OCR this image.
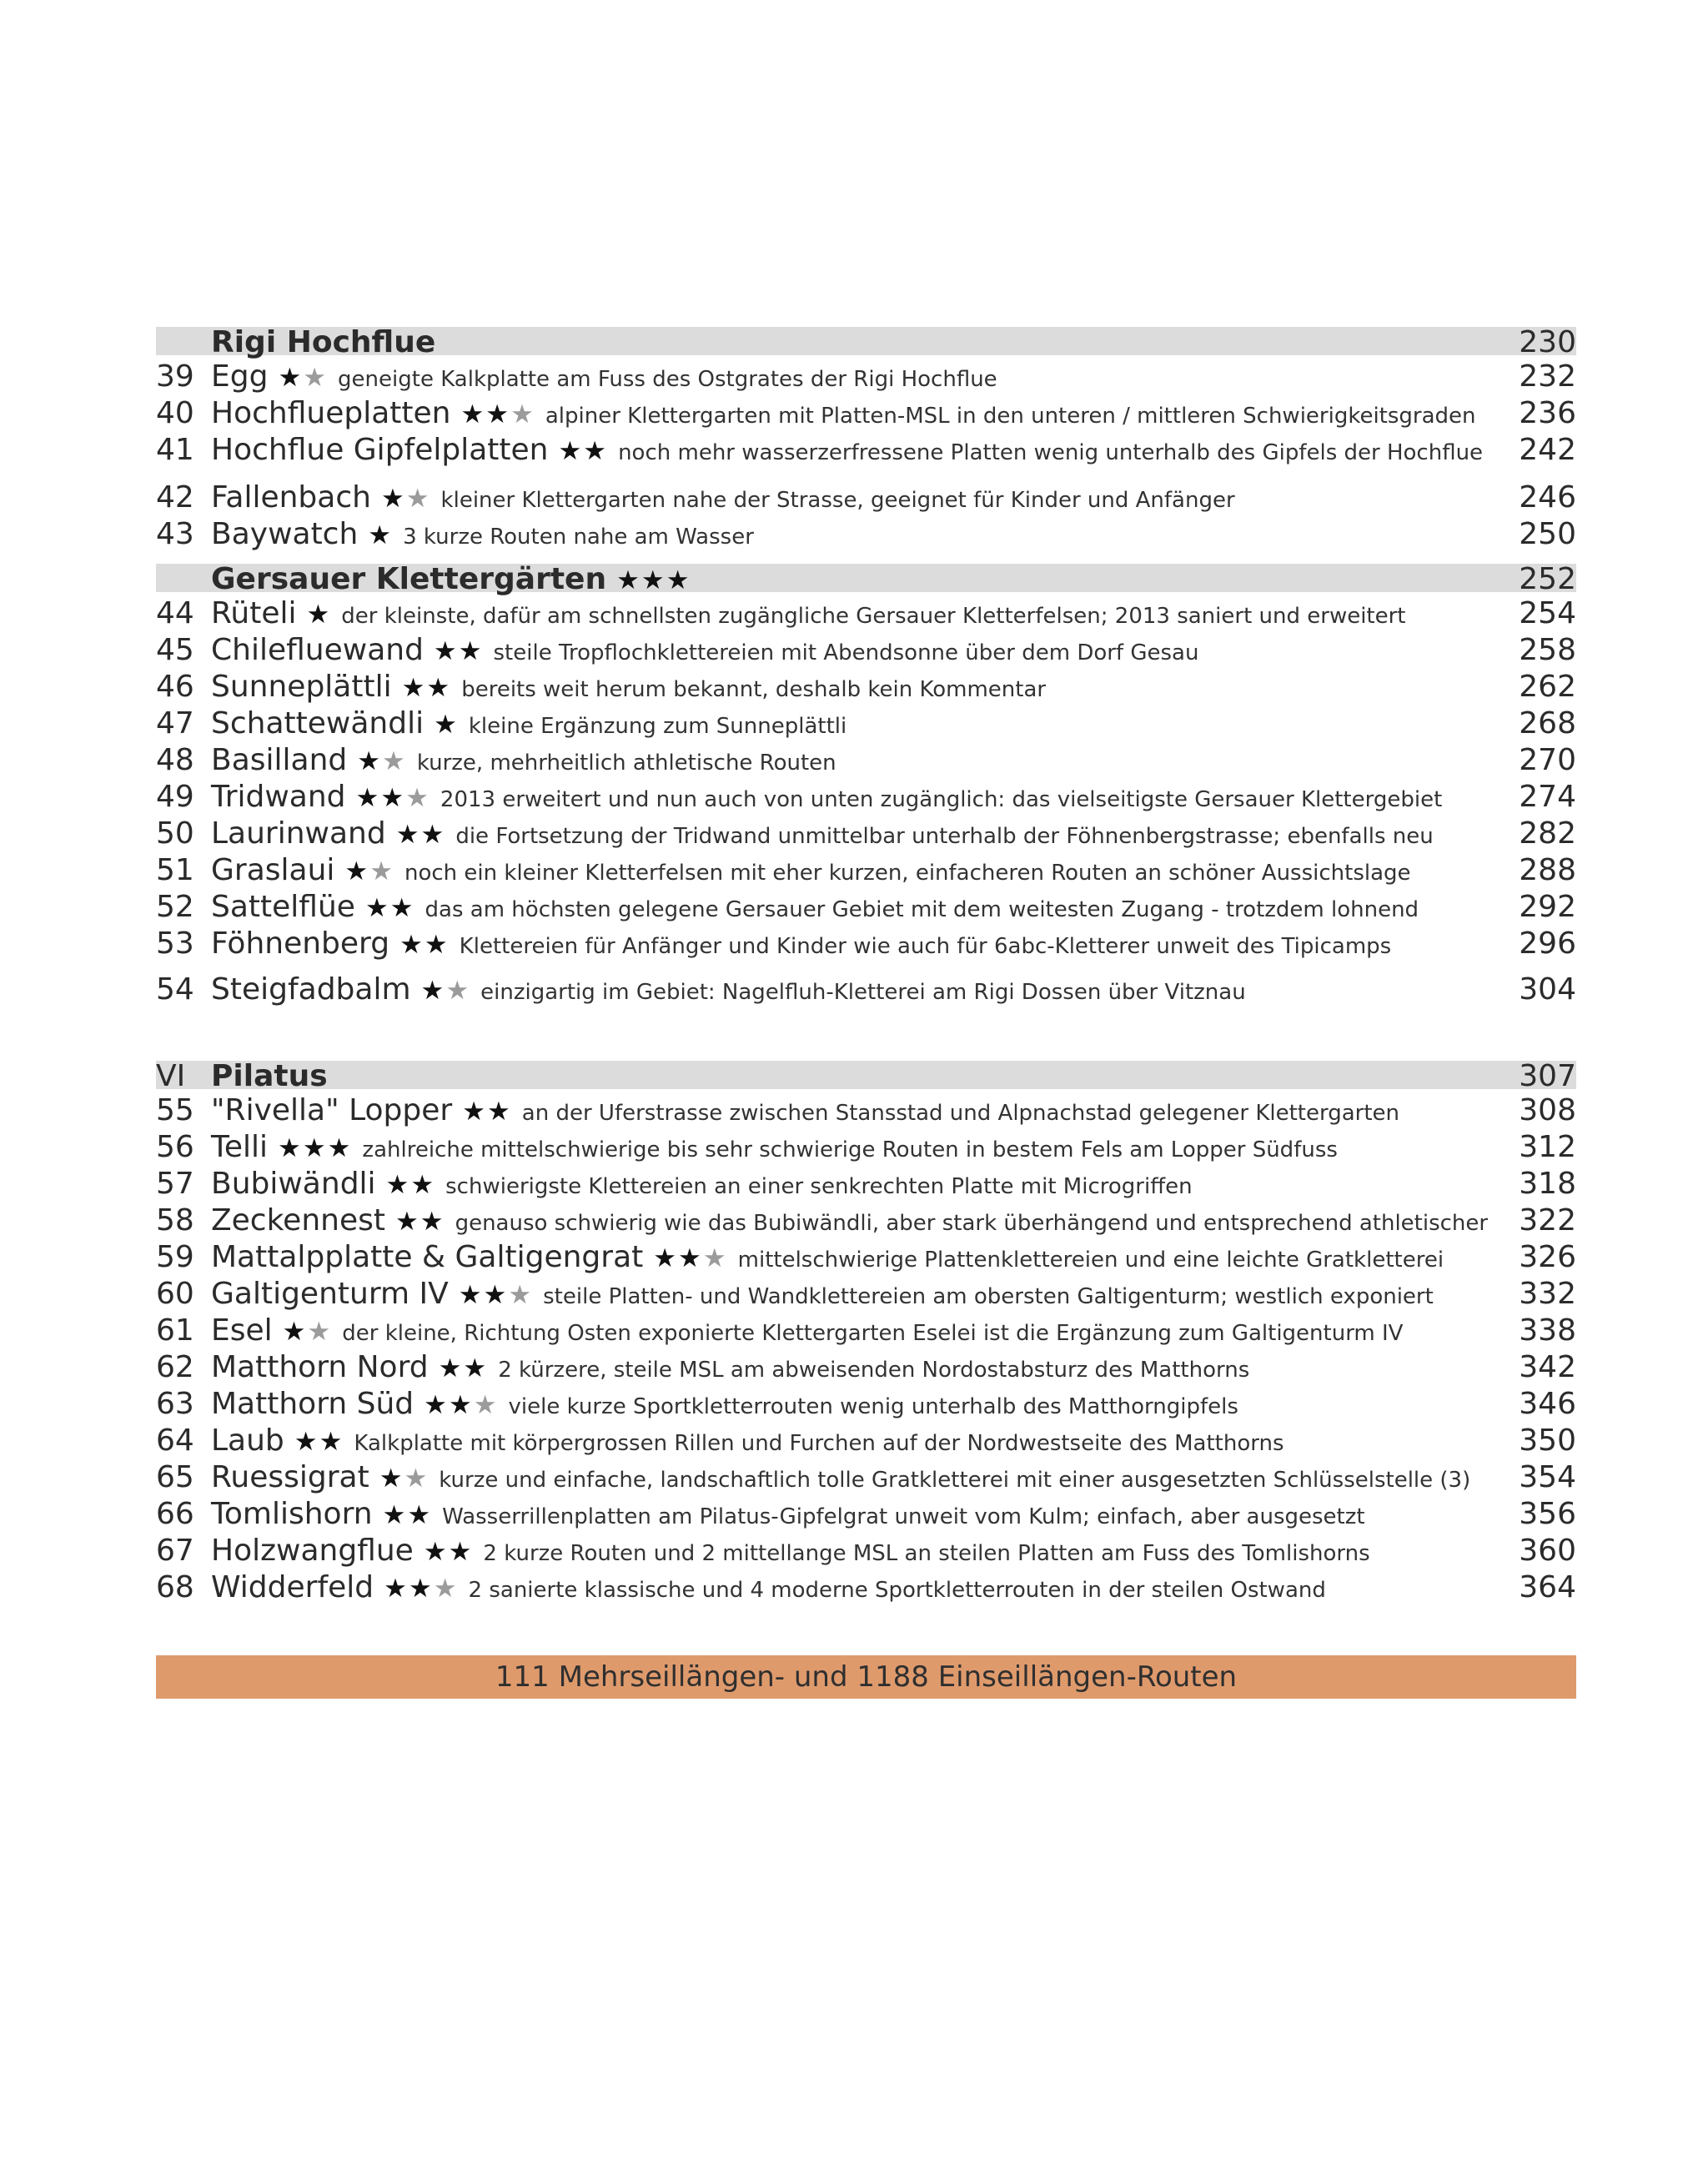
Rigi Hochflue	230
39 Egg ★★ geneigte Kalkplatte am Fuss des Ostgrates der Rigi Hochflue	232
40 Hochflueplatten ★★★ alpiner Klettergarten mit Platten-MSL in den unteren / mittleren Schwierigkeitsgraden 236
41 Hochflue Gipfelplatten ★★ noch mehr wasserzerfressene Platten wenig unterhalb des Gipfels der Hochflue 242
42 Fallenbach ★★ kleiner Klettergarten nahe der Strasse, geeignet für Kinder und Anfänger	246
43 Baywatch ★ 3 kurze Routen nahe am Wasser	250
Gersauer Klettergärten ★★★	252
44 Rüteli ★ der kleinste, dafür am schnellsten zugängliche Gersauer Kletterfelsen; 2013 saniert und erweitert	254
45 Chilefluewand ★★ steile Tropflochklettereien mit Abendsonne über dem Dorf Gesau	258
46 Sunneplättli ★★ bereits weit herum bekannt, deshalb kein Kommentar	262
47 Schattewändli ★ kleine Ergänzung zum Sunneplättli	268
48 Basilland ★★ kurze, mehrheitlich athletische Routen	270
49 Tridwand ★★★ 2013 erweitert und nun auch von unten zugänglich: das vielseitigste Gersauer Klettergebiet	274
50 Laurinwand ★★ die Fortsetzung der Tridwand unmittelbar unterhalb der Föhnenbergstrasse; ebenfalls neu	282
51 Graslaui ★★ noch ein kleiner Kletterfelsen mit eher kurzen, einfacheren Routen an schöner Aussichtslage	288
52 Sattelflüe ★★ das am höchsten gelegene Gersauer Gebiet mit dem weitesten Zugang - trotzdem lohnend	292
53 Föhnenberg ★★ Klettereien für Anfänger und Kinder wie auch für 6abc-Kletterer unweit des Tipicamps	296
54 Steigfadbalm ★★ einzigartig im Gebiet: Nagelfluh-Kletterei am Rigi Dossen über Vitznau	304
VI Pilatus	307
55 "Rivella" Lopper ★★ an der Uferstrasse zwischen Stansstad und Alpnachstad gelegener Klettergarten	308
56 Telli ★★★ zahlreiche mittelschwierige bis sehr schwierige Routen in bestem Fels am Lopper Südfuss	312
57 Bubiwändli ★★ schwierigste Klettereien an einer senkrechten Platte mit Microgriffen	318
58 Zeckennest ★★ genauso schwierig wie das Bubiwändli, aber stark überhängend und entsprechend athletischer 322
59 Mattalpplatte & Galtigengrat ★★★ mittelschwierige Plattenklettereien und eine leichte Gratkletterei	326
60 Galtigenturm IV ★★★ steile Platten- und Wandklettereien am obersten Galtigenturm; westlich exponiert	332
61 Esel ★★ der kleine, Richtung Osten exponierte Klettergarten Eselei ist die Ergänzung zum Galtigenturm IV	338
62 Matthorn Nord ★★ 2 kürzere, steile MSL am abweisenden Nordostabsturz des Matthorns	342
63 Matthorn Süd ★★★ viele kurze Sportkletterrouten wenig unterhalb des Matthorngipfels	346
64 Laub ★★ Kalkplatte mit körpergrossen Rillen und Furchen auf der Nordwestseite des Matthorns	350
65 Ruessigrat ★★ kurze und einfache, landschaftlich tolle Gratkletterei mit einer ausgesetzten Schlüsselstelle (3) 354
66 Tomlishorn ★★ Wasserrillenplatten am Pilatus-Gipfelgrat unweit vom Kulm; einfach, aber ausgesetzt	356
67 Holzwangflue ★★ 2 kurze Routen und 2 mittellange MSL an steilen Platten am Fuss des Tomlishorns	360
68 Widderfeld ★★★ 2 sanierte klassische und 4 moderne Sportkletterrouten in der steilen Ostwand	364
111 Mehrseillängen- und 1188 Einseillängen-Routen
